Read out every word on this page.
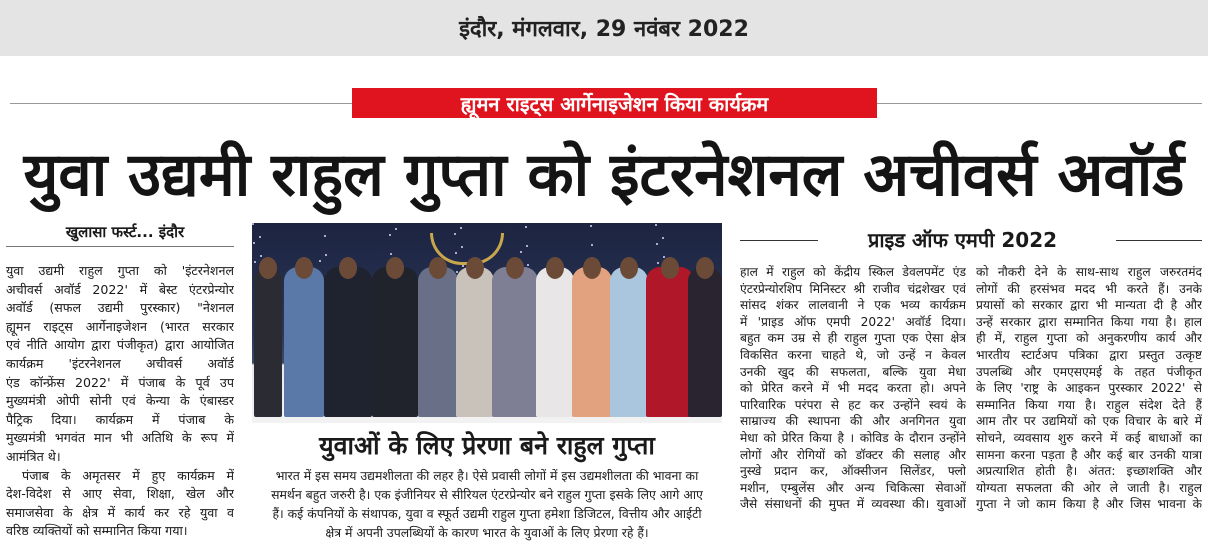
इंदौर, मंगलवार, 29 नवंबर 2022
ह्यूमन राइट्स आर्गेनाइजेशन किया कार्यक्रम
युवा उद्यमी राहुल गुप्ता को इंटरनेशनल अचीवर्स अवॉर्ड
खुलासा फर्स्ट... इंदौर
युवा उद्यमी राहुल गुप्ता को 'इंटरनेशनल
अचीवर्स अवॉर्ड 2022' में बेस्ट एंटरप्रेन्योर
अवॉर्ड (सफल उद्यमी पुरस्कार) "नेशनल
ह्यूमन राइट्स आर्गेनाइजेशन (भारत सरकार
एवं नीति आयोग द्वारा पंजीकृत) द्वारा आयोजित
कार्यक्रम 'इंटरनेशनल अचीवर्स अवॉर्ड
एंड कॉन्फ्रेंस 2022' में पंजाब के पूर्व उप
मुख्यमंत्री ओपी सोनी एवं केन्या के एंबास्डर
पैट्रिक दिया। कार्यक्रम में पंजाब के
मुख्यमंत्री भगवंत मान भी अतिथि के रूप में
आमंत्रित थे।
पंजाब के अमृतसर में हुए कार्यक्रम में
देश-विदेश से आए सेवा, शिक्षा, खेल और
समाजसेवा के क्षेत्र में कार्य कर रहे युवा व
वरिष्ठ व्यक्तियों को सम्मानित किया गया।
युवाओं के लिए प्रेरणा बने राहुल गुप्ता
भारत में इस समय उद्यमशीलता की लहर है। ऐसे प्रवासी लोगों में इस उद्यमशीलता की भावना का
समर्थन बहुत जरुरी है। एक इंजीनियर से सीरियल एंटरप्रेन्योर बने राहुल गुप्ता इसके लिए आगे आए
हैं। कई कंपनियों के संथापक, युवा व स्फूर्त उद्यमी राहुल गुप्ता हमेशा डिजिटल, वित्तीय और आईटी
क्षेत्र में अपनी उपलब्धियों के कारण भारत के युवाओं के लिए प्रेरणा रहे हैं।
प्राइड ऑफ एमपी 2022
हाल में राहुल को केंद्रीय स्किल डेवलपमेंट एंड
एंटरप्रेन्योरशिप मिनिस्टर श्री राजीव चंद्रशेखर एवं
सांसद शंकर लालवानी ने एक भव्य कार्यक्रम
में 'प्राइड ऑफ एमपी 2022' अवॉर्ड दिया।
बहुत कम उम्र से ही राहुल गुप्ता एक ऐसा क्षेत्र
विकसित करना चाहते थे, जो उन्हें न केवल
उनकी खुद की सफलता, बल्कि युवा मेधा
को प्रेरित करने में भी मदद करता हो। अपने
पारिवारिक परंपरा से हट कर उन्होंने स्वयं के
साम्राज्य की स्थापना की और अनगिनत युवा
मेधा को प्रेरित किया है । कोविड के दौरान उन्होंने
लोगों और रोगियों को डॉक्टर की सलाह और
नुस्खे प्रदान कर, ऑक्सीजन सिलेंडर, फ्लो
मशीन, एम्बुलेंस और अन्य चिकित्सा सेवाओं
जैसे संसाधनों की मुफ्त में व्यवस्था की। युवाओं
को नौकरी देने के साथ-साथ राहुल जरुरतमंद
लोगों की हरसंभव मदद भी करते हैं। उनके
प्रयासों को सरकार द्वारा भी मान्यता दी है और
उन्हें सरकार द्वारा सम्मानित किया गया है। हाल
ही में, राहुल गुप्ता को अनुकरणीय कार्य और
भारतीय स्टार्टअप पत्रिका द्वारा प्रस्तुत उत्कृष्ट
उपलब्धि और एमएसएमई के तहत पंजीकृत
के लिए 'राष्ट्र के आइकन पुरस्कार 2022' से
सम्मानित किया गया है। राहुल संदेश देते हैं
आम तौर पर उद्यमियों को एक विचार के बारे में
सोचने, व्यवसाय शुरु करने में कई बाधाओं का
सामना करना पड़ता है और कई बार उनकी यात्रा
अप्रत्याशित होती है। अंतत: इच्छाशक्ति और
योग्यता सफलता की ओर ले जाती है। राहुल
गुप्ता ने जो काम किया है और जिस भावना के
